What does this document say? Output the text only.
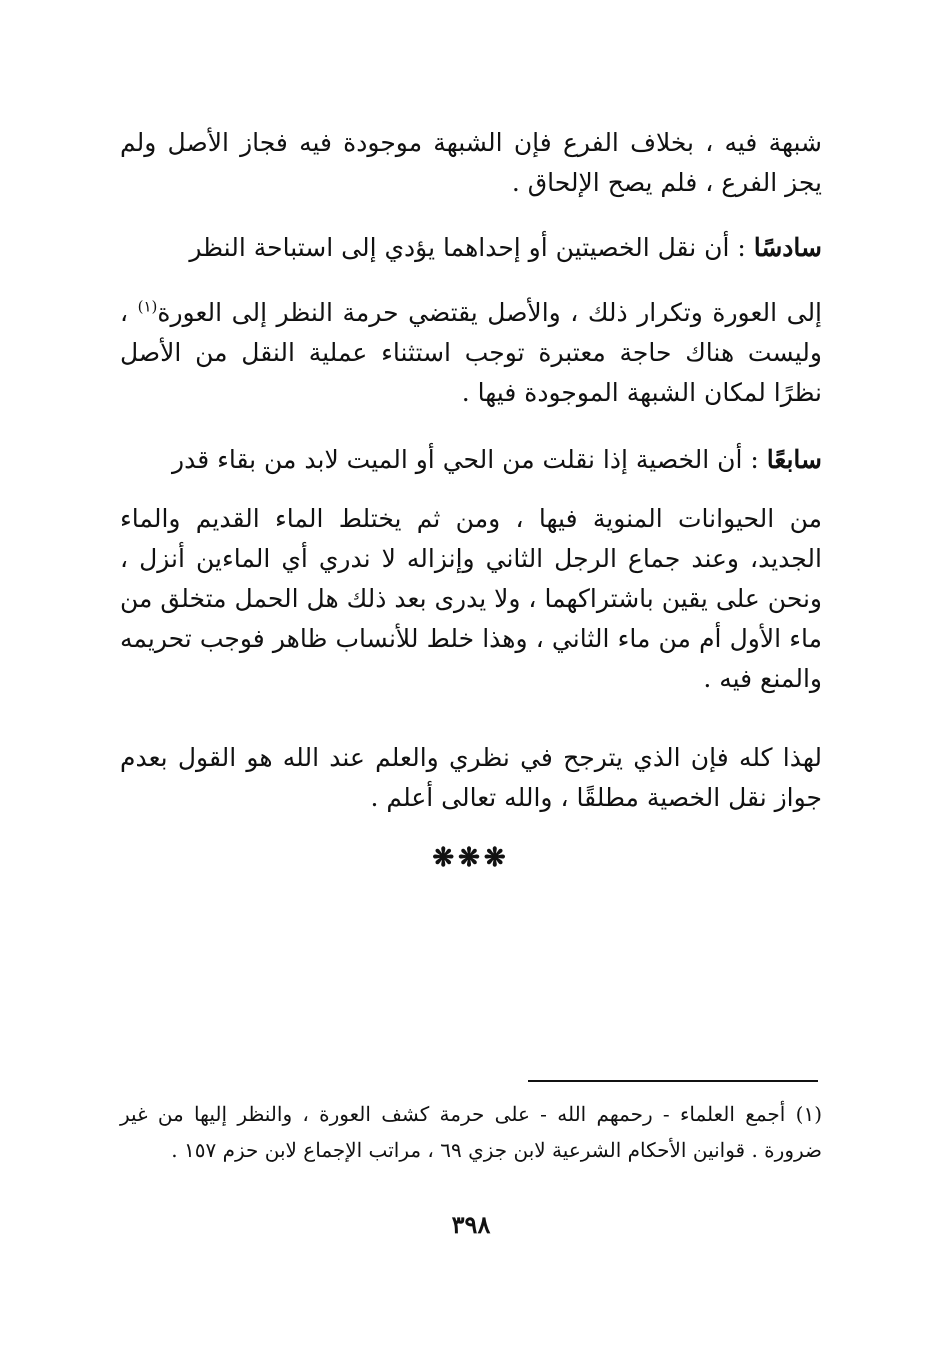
شبهة فيه ، بخلاف الفرع فإن الشبهة موجودة فيه فجاز الأصل ولم يجز الفرع ، فلم يصح الإلحاق .

سادسًا : أن نقل الخصيتين أو إحداهما يؤدي إلى استباحة النظر

إلى العورة وتكرار ذلك ، والأصل يقتضي حرمة النظر إلى العورة$^{(١)}$ ، وليست هناك حاجة معتبرة توجب استثناء عملية النقل من الأصل نظرًا لمكان الشبهة الموجودة فيها .

سابعًا : أن الخصية إذا نقلت من الحي أو الميت لابد من بقاء قدر

من الحيوانات المنوية فيها ، ومن ثم يختلط الماء القديم والماء الجديد، وعند جماع الرجل الثاني وإنزاله لا ندري أي الماءين أنزل ، ونحن على يقين باشتراكهما ، ولا يدرى بعد ذلك هل الحمل متخلق من ماء الأول أم من ماء الثاني ، وهذا خلط للأنساب ظاهر فوجب تحريمه والمنع فيه .

لهذا كله فإن الذي يترجح في نظري والعلم عند الله هو القول بعدم جواز نقل الخصية مطلقًا ، والله تعالى أعلم .

❋❋❋

(١) أجمع العلماء - رحمهم الله - على حرمة كشف العورة ، والنظر إليها من غير ضرورة . قوانين الأحكام الشرعية لابن جزي ٦٩ ، مراتب الإجماع لابن حزم ١٥٧ .

٣٩٨
